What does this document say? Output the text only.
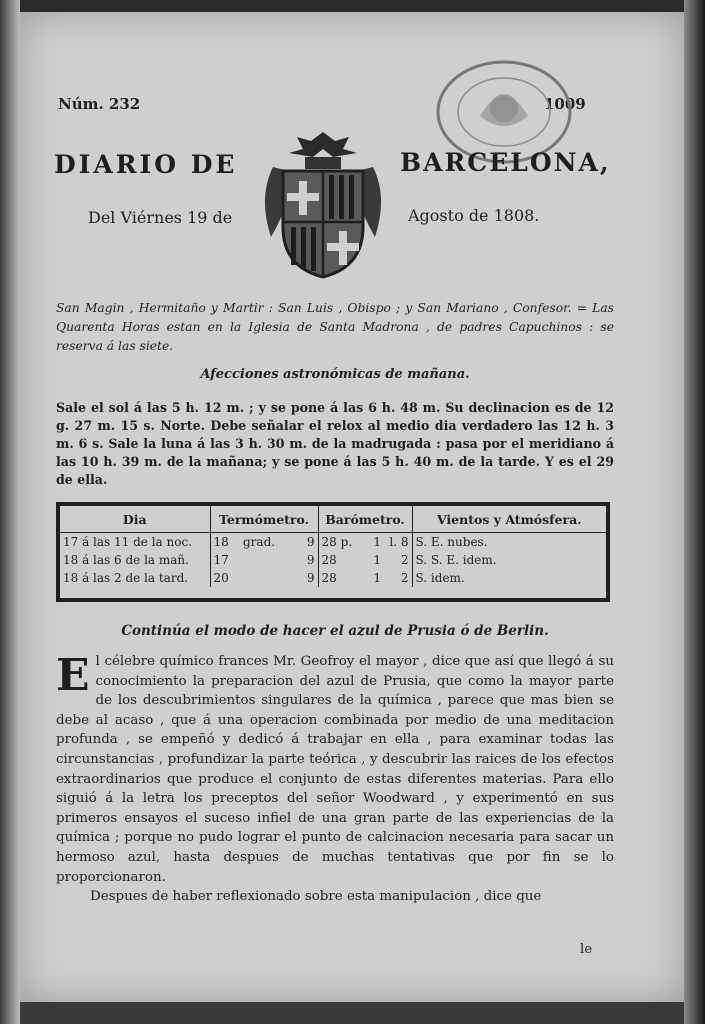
Núm. 232	1009
DIARIO DE	BARCELONA,
Del Viérnes 19 de	Agosto de 1808.
San Magin , Hermitaño y Martir : San Luis , Obispo ; y San Mariano , Confesor. = Las Quarenta Horas estan en la Iglesia de Santa Madrona , de padres Capuchinos : se reserva á las siete.
Afecciones astronómicas de mañana.
Sale el sol á las 5 h. 12 m. ; y se pone á las 6 h. 48 m. Su declinacion es de 12 g. 27 m. 15 s. Norte. Debe señalar el relox al medio dia verdadero las 12 h. 3 m. 6 s. Sale la luna á las 3 h. 30 m. de la madrugada : pasa por el meridiano á las 10 h. 39 m. de la mañana; y se pone á las 5 h. 40 m. de la tarde. Y es el 29 de ella.
Dia	Termómetro.			Barómetro.			Vientos y Atmósfera.
17 á las 11 de la noc.	18	grad.	9	28 p.	1	l. 8	S. E. nubes.
18 á las 6 de la mañ.	17		9	28	1	2	S. S. E. idem.
18 á las 2 de la tard.	20		9	28	1	2	S. idem.
Continúa el modo de hacer el azul de Prusia ó de Berlin.

El célebre químico frances Mr. Geofroy el mayor , dice que así que llegó á su conocimiento la preparacion del azul de Prusia, que como la mayor parte de los descubrimientos singulares de la química , parece que mas bien se debe al acaso , que á una operacion combinada por medio de una meditacion profunda , se empeñó y dedicó á trabajar en ella , para examinar todas las circunstancias , profundizar la parte teórica , y descubrir las raices de los efectos extraordinarios que produce el conjunto de estas diferentes materias. Para ello siguió á la letra los preceptos del señor Woodward , y experimentó en sus primeros ensayos el suceso infiel de una gran parte de las experiencias de la química ; porque no pudo lograr el punto de calcinacion necesaria para sacar un hermoso azul, hasta despues de muchas tentativas que por fin se lo proporcionaron.

Despues de haber reflexionado sobre esta manipulacion , dice que

le
